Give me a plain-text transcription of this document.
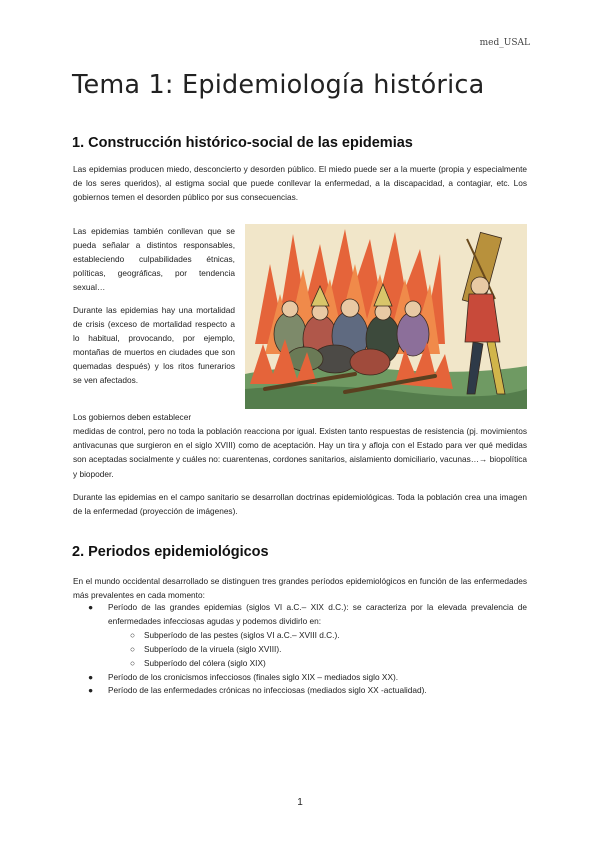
med_USAL
Tema 1: Epidemiología histórica
1. Construcción histórico-social de las epidemias

Las epidemias producen miedo, desconcierto y desorden público. El miedo puede ser a la muerte (propia y especialmente de los seres queridos), al estigma social que puede conllevar la enfermedad, a la discapacidad, a contagiar, etc. Los gobiernos temen el desorden público por sus consecuencias.

Las epidemias también conllevan que se pueda señalar a distintos responsables, estableciendo culpabilidades étnicas, políticas, geográficas, por tendencia sexual…

Durante las epidemias hay una mortalidad de crisis (exceso de mortalidad respecto a lo habitual, provocando, por ejemplo, montañas de muertos en ciudades que son quemadas después) y los ritos funerarios se ven afectados.

Los gobiernos deben establecer

medidas de control, pero no toda la población reacciona por igual. Existen tanto respuestas de resistencia (pj. movimientos antivacunas que surgieron en el siglo XVIII) como de aceptación. Hay un tira y afloja con el Estado para ver qué medidas son aceptadas socialmente y cuáles no: cuarentenas, cordones sanitarios, aislamiento domiciliario, vacunas…→ biopolítica y biopoder.

Durante las epidemias en el campo sanitario se desarrollan doctrinas epidemiológicas. Toda la población crea una imagen de la enfermedad (proyección de imágenes).

2. Periodos epidemiológicos

En el mundo occidental desarrollado se distinguen tres grandes períodos epidemiológicos en función de las enfermedades más prevalentes en cada momento:

● Período de las grandes epidemias (siglos VI a.C.– XIX d.C.): se caracteriza por la elevada prevalencia de enfermedades infecciosas agudas y podemos dividirlo en:
○ Subperíodo de las pestes (siglos VI a.C.– XVIII d.C.).
○ Subperíodo de la viruela (siglo XVIII).
○ Subperíodo del cólera (siglo XIX)
● Período de los cronicismos infecciosos (finales siglo XIX – mediados siglo XX).
● Período de las enfermedades crónicas no infecciosas (mediados siglo XX -actualidad).
1
